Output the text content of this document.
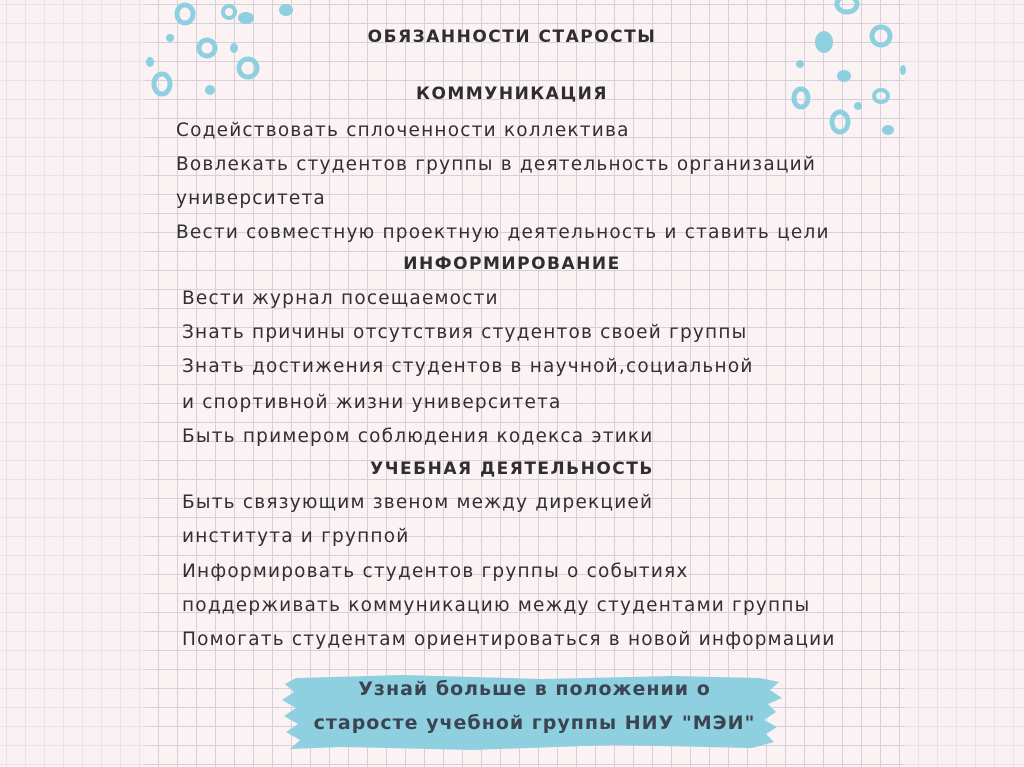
ОБЯЗАННОСТИ СТАРОСТЫ
КОММУНИКАЦИЯ
Содействовать сплоченности коллектива
Вовлекать студентов группы в деятельность организаций
университета
Вести совместную проектную деятельность и ставить цели
ИНФОРМИРОВАНИЕ
Вести журнал посещаемости
Знать причины отсутствия студентов своей группы
Знать достижения студентов в научной,социальной
и спортивной жизни университета
Быть примером соблюдения кодекса этики
УЧЕБНАЯ ДЕЯТЕЛЬНОСТЬ
Быть связующим звеном между дирекцией
института и группой
Информировать студентов группы о событиях
поддерживать коммуникацию между студентами группы
Помогать студентам ориентироваться в новой информации
Узнай больше в положении о
старосте учебной группы НИУ "МЭИ"
